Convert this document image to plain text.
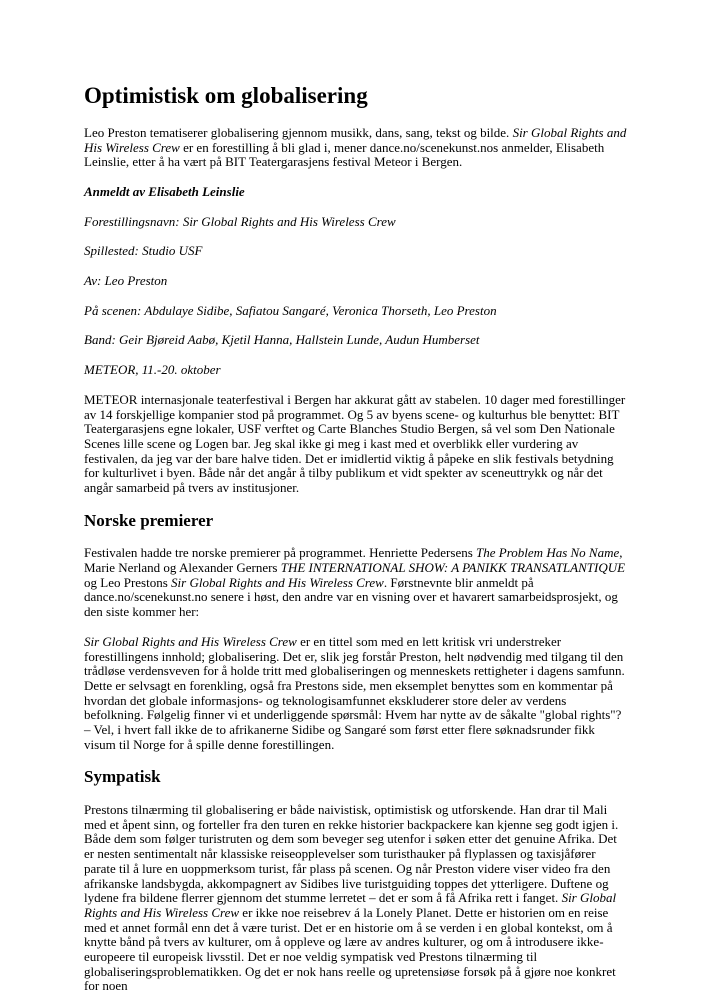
Optimistisk om globalisering

Leo Preston tematiserer globalisering gjennom musikk, dans, sang, tekst og bilde. Sir Global Rights and His Wireless Crew er en forestilling å bli glad i, mener dance.no/scenekunst.nos anmelder, Elisabeth Leinslie, etter å ha vært på BIT Teatergarasjens festival Meteor i Bergen.

Anmeldt av Elisabeth Leinslie

Forestillingsnavn: Sir Global Rights and His Wireless Crew

Spillested: Studio USF

Av: Leo Preston

På scenen: Abdulaye Sidibe, Safiatou Sangaré, Veronica Thorseth, Leo Preston

Band: Geir Bjøreid Aabø, Kjetil Hanna, Hallstein Lunde, Audun Humberset

METEOR, 11.-20. oktober

METEOR internasjonale teaterfestival i Bergen har akkurat gått av stabelen. 10 dager med forestillinger av 14 forskjellige kompanier stod på programmet. Og 5 av byens scene- og kulturhus ble benyttet: BIT Teatergarasjens egne lokaler, USF verftet og Carte Blanches Studio Bergen, så vel som Den Nationale Scenes lille scene og Logen bar. Jeg skal ikke gi meg i kast med et overblikk eller vurdering av festivalen, da jeg var der bare halve tiden. Det er imidlertid viktig å påpeke en slik festivals betydning for kulturlivet i byen. Både når det angår å tilby publikum et vidt spekter av sceneuttrykk og når det angår samarbeid på tvers av institusjoner.

Norske premierer

Festivalen hadde tre norske premierer på programmet. Henriette Pedersens The Problem Has No Name, Marie Nerland og Alexander Gerners THE INTERNATIONAL SHOW: A PANIKK TRANSATLANTIQUE og Leo Prestons Sir Global Rights and His Wireless Crew. Førstnevnte blir anmeldt på dance.no/scenekunst.no senere i høst, den andre var en visning over et havarert samarbeidsprosjekt, og den siste kommer her:

Sir Global Rights and His Wireless Crew er en tittel som med en lett kritisk vri understreker forestillingens innhold; globalisering. Det er, slik jeg forstår Preston, helt nødvendig med tilgang til den trådløse verdensveven for å holde tritt med globaliseringen og menneskets rettigheter i dagens samfunn. Dette er selvsagt en forenkling, også fra Prestons side, men eksemplet benyttes som en kommentar på hvordan det globale informasjons- og teknologisamfunnet ekskluderer store deler av verdens befolkning. Følgelig finner vi et underliggende spørsmål: Hvem har nytte av de såkalte "global rights"? – Vel, i hvert fall ikke de to afrikanerne Sidibe og Sangaré som først etter flere søknadsrunder fikk visum til Norge for å spille denne forestillingen.

Sympatisk

Prestons tilnærming til globalisering er både naivistisk, optimistisk og utforskende. Han drar til Mali med et åpent sinn, og forteller fra den turen en rekke historier backpackere kan kjenne seg godt igjen i. Både dem som følger turistruten og dem som beveger seg utenfor i søken etter det genuine Afrika. Det er nesten sentimentalt når klassiske reiseopplevelser som turisthauker på flyplassen og taxisjåfører parate til å lure en uoppmerksom turist, får plass på scenen. Og når Preston videre viser video fra den afrikanske landsbygda, akkompagnert av Sidibes live turistguiding toppes det ytterligere. Duftene og lydene fra bildene flerrer gjennom det stumme lerretet – det er som å få Afrika rett i fanget. Sir Global Rights and His Wireless Crew er ikke noe reisebrev á la Lonely Planet. Dette er historien om en reise med et annet formål enn det å være turist. Det er en historie om å se verden i en global kontekst, om å knytte bånd på tvers av kulturer, om å oppleve og lære av andres kulturer, og om å introdusere ikke-europeere til europeisk livsstil. Det er noe veldig sympatisk ved Prestons tilnærming til globaliseringsproblematikken. Og det er nok hans reelle og upretensiøse forsøk på å gjøre noe konkret for noen
